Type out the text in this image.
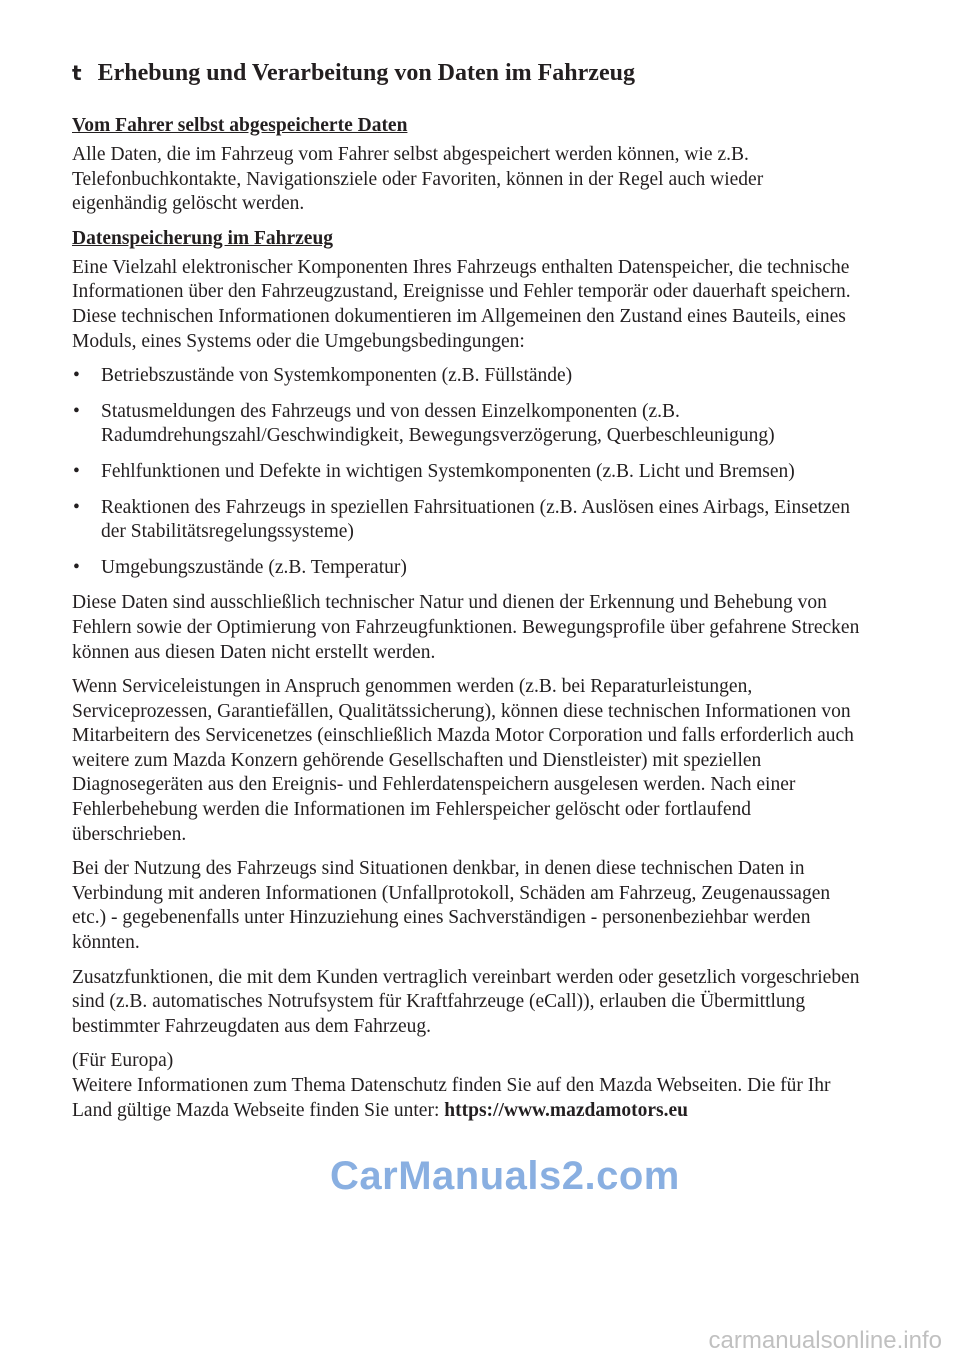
t Erhebung und Verarbeitung von Daten im Fahrzeug
Vom Fahrer selbst abgespeicherte Daten

Alle Daten, die im Fahrzeug vom Fahrer selbst abgespeichert werden können, wie z.B. Telefonbuchkontakte, Navigationsziele oder Favoriten, können in der Regel auch wieder eigenhändig gelöscht werden.

Datenspeicherung im Fahrzeug

Eine Vielzahl elektronischer Komponenten Ihres Fahrzeugs enthalten Datenspeicher, die technische Informationen über den Fahrzeugzustand, Ereignisse und Fehler temporär oder dauerhaft speichern. Diese technischen Informationen dokumentieren im Allgemeinen den Zustand eines Bauteils, eines Moduls, eines Systems oder die Umgebungsbedingungen:

• Betriebszustände von Systemkomponenten (z.B. Füllstände)
• Statusmeldungen des Fahrzeugs und von dessen Einzelkomponenten (z.B. Radumdrehungszahl/Geschwindigkeit, Bewegungsverzögerung, Querbeschleunigung)
• Fehlfunktionen und Defekte in wichtigen Systemkomponenten (z.B. Licht und Bremsen)
• Reaktionen des Fahrzeugs in speziellen Fahrsituationen (z.B. Auslösen eines Airbags, Einsetzen der Stabilitätsregelungssysteme)
• Umgebungszustände (z.B. Temperatur)

Diese Daten sind ausschließlich technischer Natur und dienen der Erkennung und Behebung von Fehlern sowie der Optimierung von Fahrzeugfunktionen. Bewegungsprofile über gefahrene Strecken können aus diesen Daten nicht erstellt werden.

Wenn Serviceleistungen in Anspruch genommen werden (z.B. bei Reparaturleistungen, Serviceprozessen, Garantiefällen, Qualitätssicherung), können diese technischen Informationen von Mitarbeitern des Servicenetzes (einschließlich Mazda Motor Corporation und falls erforderlich auch weitere zum Mazda Konzern gehörende Gesellschaften und Dienstleister) mit speziellen Diagnosegeräten aus den Ereignis- und Fehlerdatenspeichern ausgelesen werden. Nach einer Fehlerbehebung werden die Informationen im Fehlerspeicher gelöscht oder fortlaufend überschrieben.

Bei der Nutzung des Fahrzeugs sind Situationen denkbar, in denen diese technischen Daten in Verbindung mit anderen Informationen (Unfallprotokoll, Schäden am Fahrzeug, Zeugenaussagen etc.) - gegebenenfalls unter Hinzuziehung eines Sachverständigen - personenbeziehbar werden könnten.

Zusatzfunktionen, die mit dem Kunden vertraglich vereinbart werden oder gesetzlich vorgeschrieben sind (z.B. automatisches Notrufsystem für Kraftfahrzeuge (eCall)), erlauben die Übermittlung bestimmter Fahrzeugdaten aus dem Fahrzeug.

(Für Europa)
Weitere Informationen zum Thema Datenschutz finden Sie auf den Mazda Webseiten. Die für Ihr Land gültige Mazda Webseite finden Sie unter: https://www.mazdamotors.eu

CarManuals2.com
carmanualsonline.info
